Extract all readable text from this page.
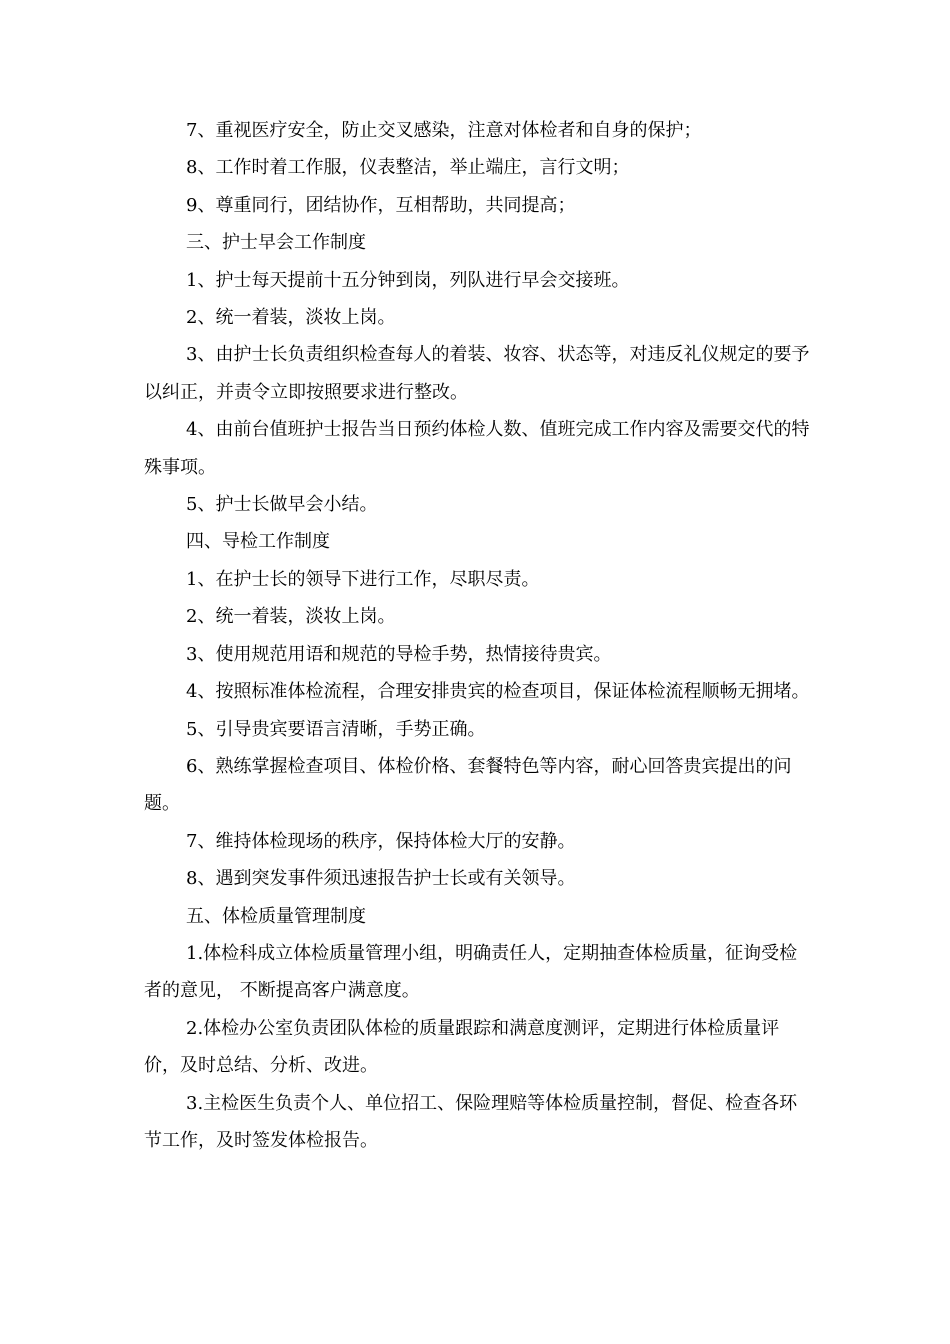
7、重视医疗安全，防止交叉感染，注意对体检者和自身的保护；

8、工作时着工作服，仪表整洁，举止端庄，言行文明；

9、尊重同行，团结协作，互相帮助，共同提高；

三、护士早会工作制度

1、护士每天提前十五分钟到岗，列队进行早会交接班。

2、统一着装，淡妆上岗。

3、由护士长负责组织检查每人的着装、妆容、状态等，对违反礼仪规定的要予以纠正，并责令立即按照要求进行整改。

4、由前台值班护士报告当日预约体检人数、值班完成工作内容及需要交代的特殊事项。

5、护士长做早会小结。

四、导检工作制度

1、在护士长的领导下进行工作，尽职尽责。

2、统一着装，淡妆上岗。

3、使用规范用语和规范的导检手势，热情接待贵宾。

4、按照标准体检流程，合理安排贵宾的检查项目，保证体检流程顺畅无拥堵。

5、引导贵宾要语言清晰，手势正确。

6、熟练掌握检查项目、体检价格、套餐特色等内容，耐心回答贵宾提出的问题。

7、维持体检现场的秩序，保持体检大厅的安静。

8、遇到突发事件须迅速报告护士长或有关领导。

五、体检质量管理制度

1.体检科成立体检质量管理小组，明确责任人，定期抽查体检质量，征询受检者的意见， 不断提高客户满意度。

2.体检办公室负责团队体检的质量跟踪和满意度测评，定期进行体检质量评价，及时总结、分析、改进。

3.主检医生负责个人、单位招工、保险理赔等体检质量控制，督促、检查各环节工作，及时签发体检报告。
